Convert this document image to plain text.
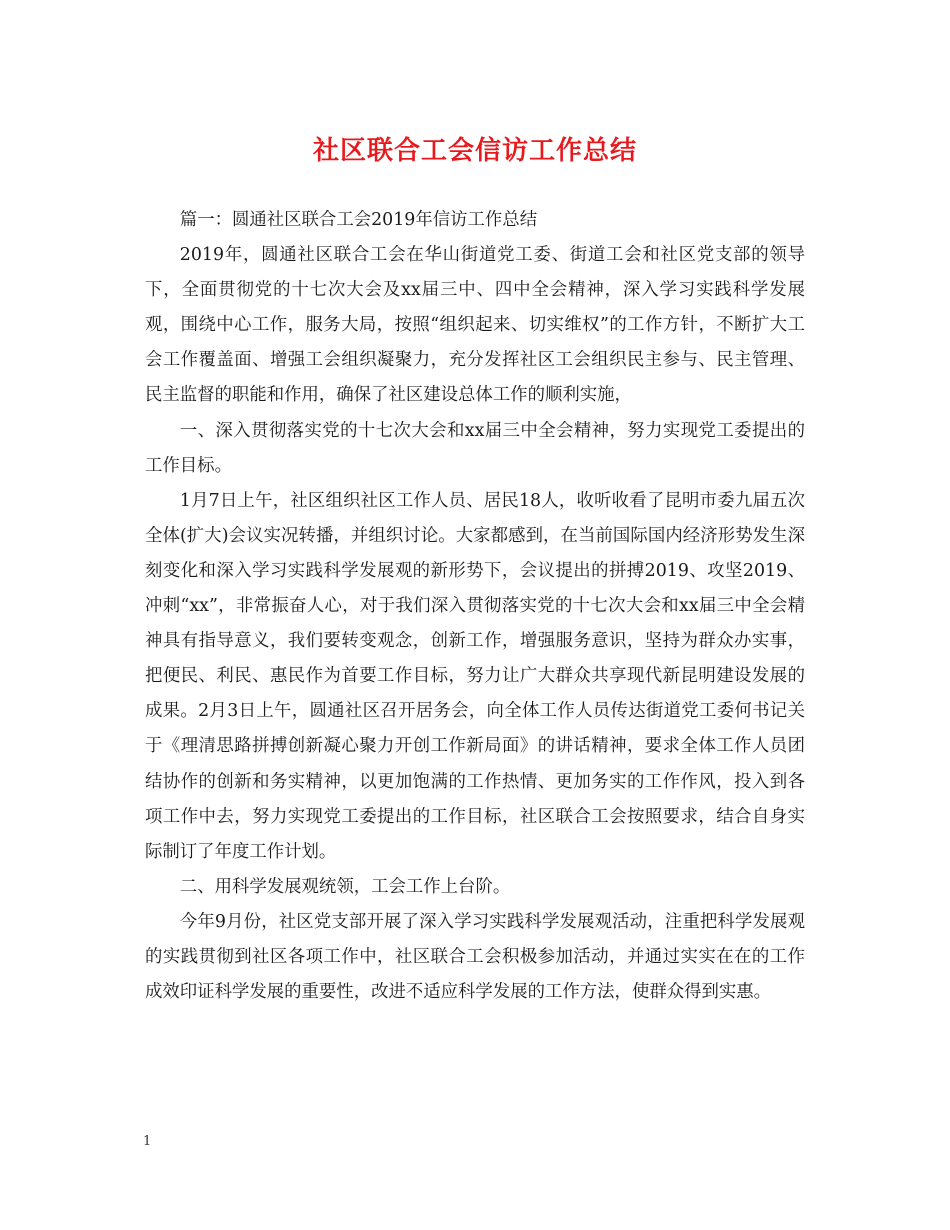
社区联合工会信访工作总结

篇一：圆通社区联合工会2019年信访工作总结

2019年，圆通社区联合工会在华山街道党工委、街道工会和社区党支部的领导下，全面贯彻党的十七次大会及xx届三中、四中全会精神，深入学习实践科学发展观，围绕中心工作，服务大局，按照“组织起来、切实维权”的工作方针，不断扩大工会工作覆盖面、增强工会组织凝聚力，充分发挥社区工会组织民主参与、民主管理、民主监督的职能和作用，确保了社区建设总体工作的顺利实施，

一、深入贯彻落实党的十七次大会和xx届三中全会精神，努力实现党工委提出的工作目标。

1月7日上午，社区组织社区工作人员、居民18人，收听收看了昆明市委九届五次全体(扩大)会议实况转播，并组织讨论。大家都感到，在当前国际国内经济形势发生深刻变化和深入学习实践科学发展观的新形势下，会议提出的拼搏2019、攻坚2019、冲刺“xx”，非常振奋人心，对于我们深入贯彻落实党的十七次大会和xx届三中全会精神具有指导意义，我们要转变观念，创新工作，增强服务意识，坚持为群众办实事，把便民、利民、惠民作为首要工作目标，努力让广大群众共享现代新昆明建设发展的成果。2月3日上午，圆通社区召开居务会，向全体工作人员传达街道党工委何书记关于《理清思路拼搏创新凝心聚力开创工作新局面》的讲话精神，要求全体工作人员团结协作的创新和务实精神，以更加饱满的工作热情、更加务实的工作作风，投入到各项工作中去，努力实现党工委提出的工作目标，社区联合工会按照要求，结合自身实际制订了年度工作计划。

二、用科学发展观统领，工会工作上台阶。

今年9月份，社区党支部开展了深入学习实践科学发展观活动，注重把科学发展观的实践贯彻到社区各项工作中，社区联合工会积极参加活动，并通过实实在在的工作成效印证科学发展的重要性，改进不适应科学发展的工作方法，使群众得到实惠。

1
